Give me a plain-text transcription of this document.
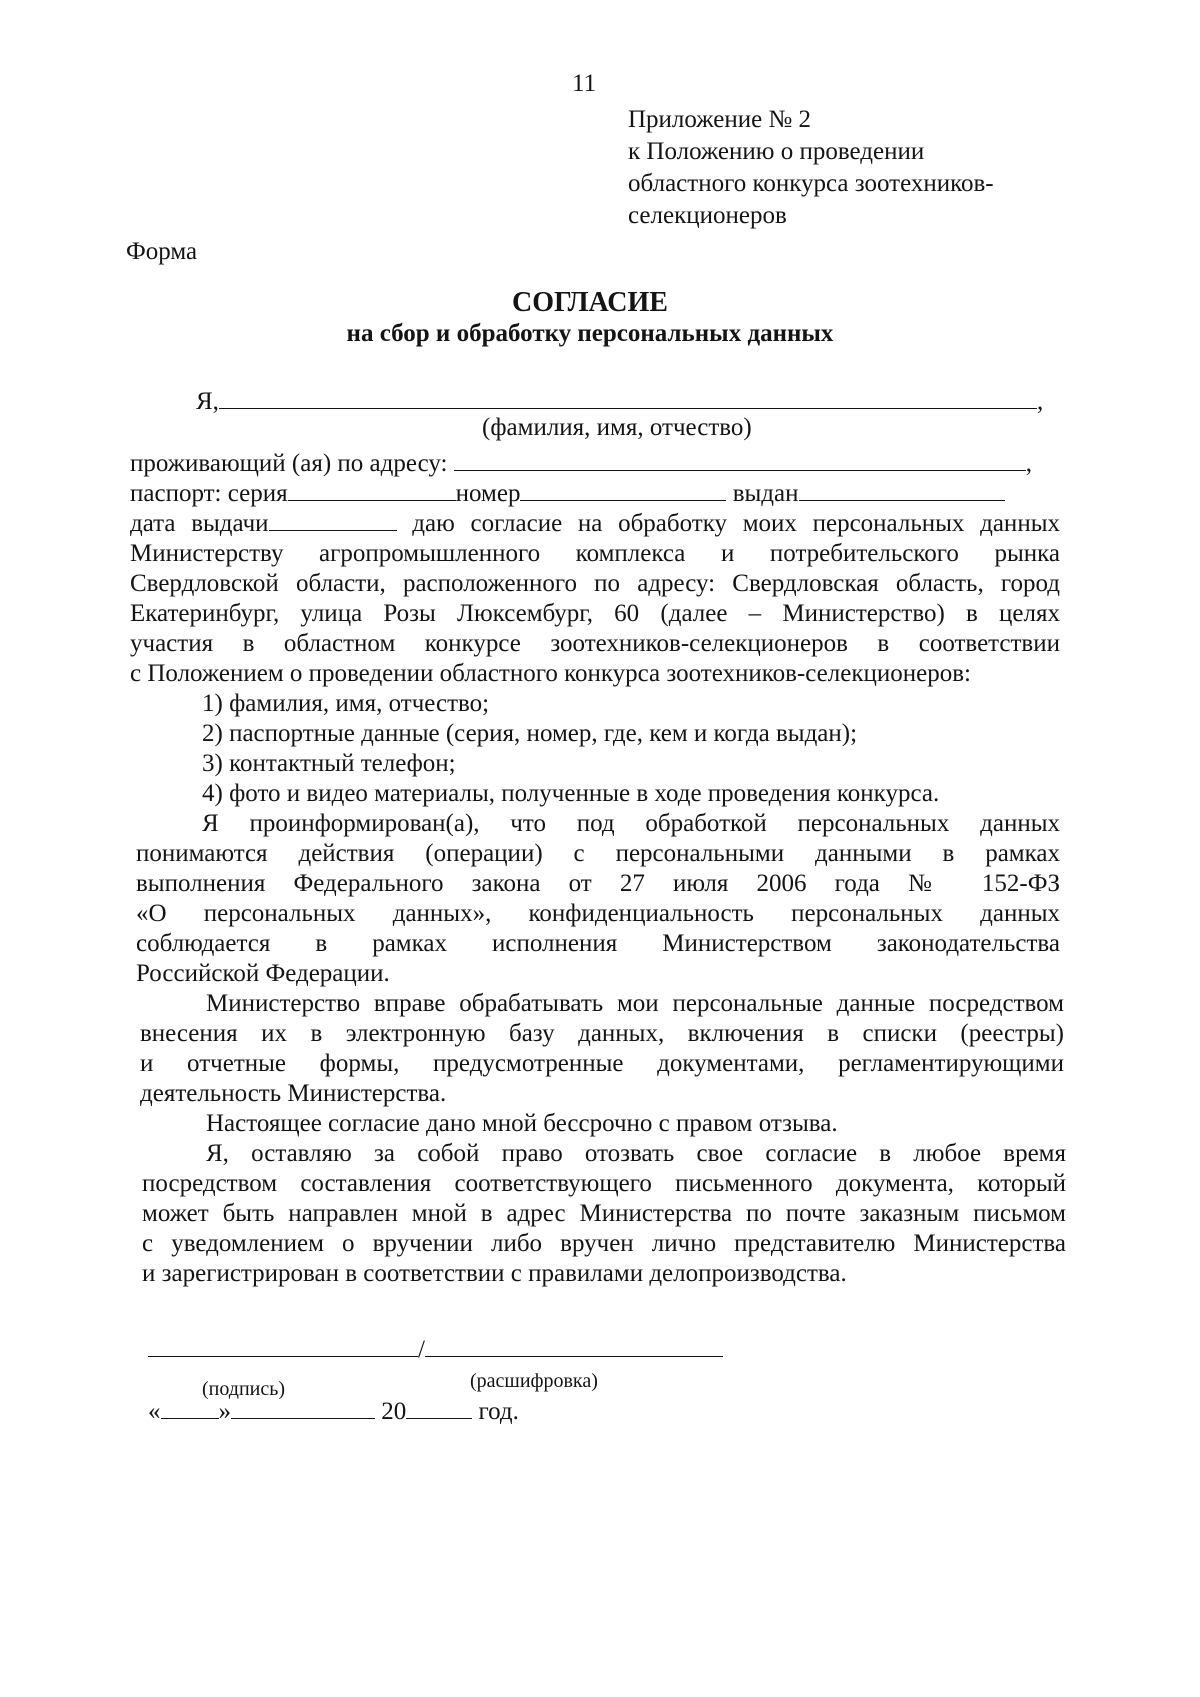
11
Приложение № 2
к Положению о проведении
областного конкурса зоотехников-
селекционеров
Форма
СОГЛАСИЕ
на сбор и обработку персональных данных
Я,	,
(фамилия, имя, отчество)
проживающий (ая) по адресу:	,
паспорт: серия	номер	выдан
дата выдачи	даю согласие на обработку моих персональных данных
Министерству агропромышленного комплекса и потребительского рынка
Свердловской области, расположенного по адресу: Свердловская область, город
Екатеринбург, улица Розы Люксембург, 60 (далее – Министерство) в целях
участия в областном конкурсе зоотехников-селекционеров в соответствии
с Положением о проведении областного конкурса зоотехников-селекционеров:
1) фамилия, имя, отчество;
2) паспортные данные (серия, номер, где, кем и когда выдан);
3) контактный телефон;
4) фото и видео материалы, полученные в ходе проведения конкурса.
Я проинформирован(а), что под обработкой персональных данных
понимаются действия (операции) с персональными данными в рамках
выполнения Федерального закона от 27 июля 2006 года № 152-ФЗ
«О персональных данных», конфиденциальность персональных данных
соблюдается в рамках исполнения Министерством законодательства
Российской Федерации.
Министерство вправе обрабатывать мои персональные данные посредством
внесения их в электронную базу данных, включения в списки (реестры)
и отчетные формы, предусмотренные документами, регламентирующими
деятельность Министерства.
Настоящее согласие дано мной бессрочно с правом отзыва.
Я, оставляю за собой право отозвать свое согласие в любое время
посредством составления соответствующего письменного документа, который
может быть направлен мной в адрес Министерства по почте заказным письмом
с уведомлением о вручении либо вручен лично представителю Министерства
и зарегистрирован в соответствии с правилами делопроизводства.
/
(подпись)	(расшифровка)
« »	20	год.
